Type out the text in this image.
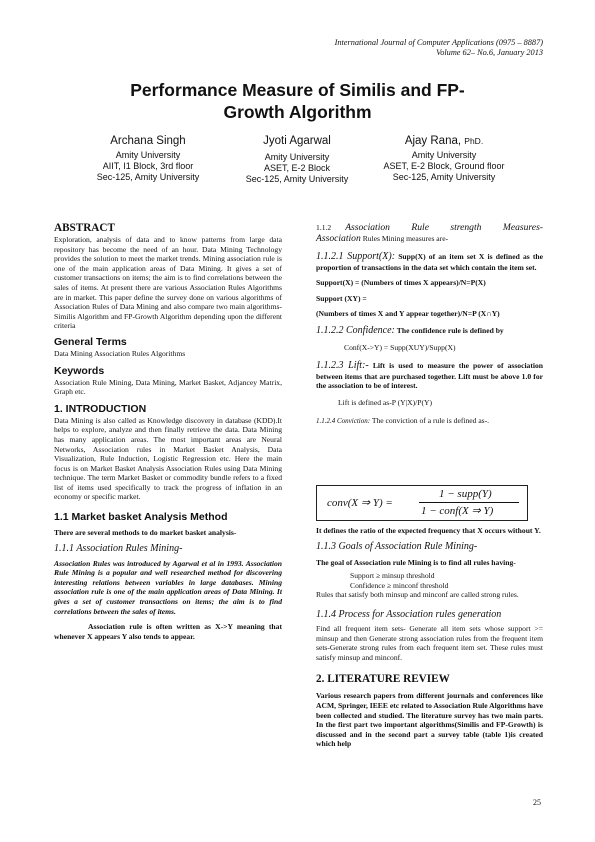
International Journal of Computer Applications (0975 – 8887)
Volume 62– No.6, January 2013
Performance Measure of Similis and FP-
Growth Algorithm
Archana Singh
Amity University
AIIT, I1 Block, 3rd floor
Sec-125, Amity University
Jyoti Agarwal
Amity University
ASET, E-2 Block
Sec-125, Amity University
Ajay Rana, PhD.
Amity University
ASET, E-2 Block, Ground floor
Sec-125, Amity University
ABSTRACT

Exploration, analysis of data and to know patterns from large data repository has become the need of an hour. Data Mining Technology provides the solution to meet the market trends. Mining association rule is one of the main application areas of Data Mining. It gives a set of customer transactions on items; the aim is to find correlations between the sales of items. At present there are various Association Rules Algorithms are in market. This paper define the survey done on various algorithms of Association Rules of Data Mining and also compare two main algorithms-Similis Algorithm and FP-Growth Algorithm depending upon the different criteria

General Terms

Data Mining Association Rules Algorithms

Keywords

Association Rule Mining, Data Mining, Market Basket, Adjancey Matrix, Graph etc.

1. INTRODUCTION

Data Mining is also called as Knowledge discovery in database (KDD).It helps to explore, analyze and then finally retrieve the data. Data Mining has many application areas. The most important areas are Neural Networks, Association rules in Market Basket Analysis, Data Visualization, Rule Induction, Logistic Regression etc. Here the main focus is on Market Basket Analysis Association Rules using Data Mining technique. The term Market Basket or commodity bundle refers to a fixed list of items used specifically to track the progress of inflation in an economy or specific market.

1.1 Market basket Analysis Method

There are several methods to do market basket analysis-

1.1.1 Association Rules Mining-

Association Rules was introduced by Agarwal et al in 1993. Association Rule Mining is a popular and well researched method for discovering interesting relations between variables in large databases. Mining association rule is one of the main application areas of Data Mining. It gives a set of customer transactions on items; the aim is to find correlations between the sales of items.

Association rule is often written as X->Y meaning that whenever X appears Y also tends to appear.

1.1.2 Association Rule strength Measures-

Association Rules Mining measures are-

1.1.2.1 Support(X): Supp(X) of an item set X is defined as the proportion of transactions in the data set which contain the item set.

Support(X) = (Numbers of times X appears)/N=P(X)

Support (XY) =

(Numbers of times X and Y appear together)/N=P (X∩Y)

1.1.2.2 Confidence: The confidence rule is defined by

Conf(X->Y) = Supp(XUY)/Supp(X)

1.1.2.3 Lift:- Lift is used to measure the power of association between items that are purchased together. Lift must be above 1.0 for the association to be of interest.

Lift is defined as-P (Y|X)/P(Y)

1.1.2.4 Conviction: The conviction of a rule is defined as-.

conv(X ⇒ Y) =
1 − supp(Y)
1 − conf(X ⇒ Y)

It defines the ratio of the expected frequency that X occurs without Y.

1.1.3 Goals of Association Rule Mining-

The goal of Association rule Mining is to find all rules having-

Support ≥ minsup threshold

Confidence ≥ minconf threshold

Rules that satisfy both minsup and minconf are called strong rules.

1.1.4 Process for Association rules generation

Find all frequent item sets- Generate all item sets whose support >= minsup and then Generate strong association rules from the frequent item sets-Generate strong rules from each frequent item set. These rules must satisfy minsup and minconf.

2. LITERATURE REVIEW

Various research papers from different journals and conferences like ACM, Springer, IEEE etc related to Association Rule Algorithms have been collected and studied. The literature survey has two main parts. In the first part two important algorithms(Similis and FP-Growth) is discussed and in the second part a survey table (table 1)is created which help

25
